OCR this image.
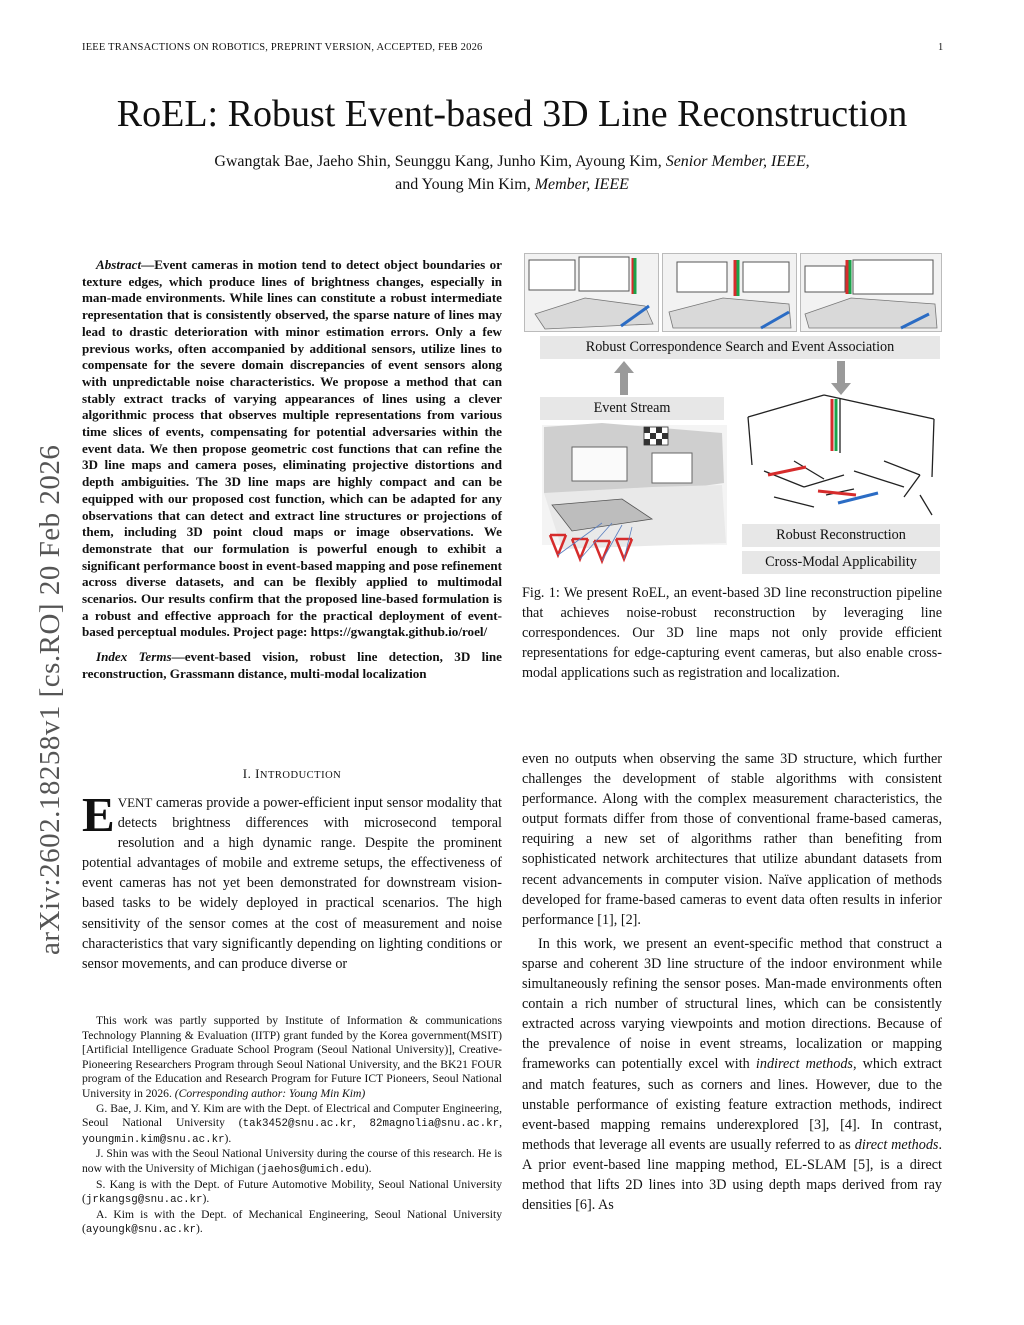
IEEE TRANSACTIONS ON ROBOTICS, PREPRINT VERSION, ACCEPTED, FEB 2026	1
RoEL: Robust Event-based 3D Line Reconstruction
Gwangtak Bae, Jaeho Shin, Seunggu Kang, Junho Kim, Ayoung Kim, Senior Member, IEEE,
and Young Min Kim, Member, IEEE
arXiv:2602.18258v1 [cs.RO] 20 Feb 2026

Abstract—Event cameras in motion tend to detect object boundaries or texture edges, which produce lines of brightness changes, especially in man-made environments. While lines can constitute a robust intermediate representation that is consistently observed, the sparse nature of lines may lead to drastic deterioration with minor estimation errors. Only a few previous works, often accompanied by additional sensors, utilize lines to compensate for the severe domain discrepancies of event sensors along with unpredictable noise characteristics. We propose a method that can stably extract tracks of varying appearances of lines using a clever algorithmic process that observes multiple representations from various time slices of events, compensating for potential adversaries within the event data. We then propose geometric cost functions that can refine the 3D line maps and camera poses, eliminating projective distortions and depth ambiguities. The 3D line maps are highly compact and can be equipped with our proposed cost function, which can be adapted for any observations that can detect and extract line structures or projections of them, including 3D point cloud maps or image observations. We demonstrate that our formulation is powerful enough to exhibit a significant performance boost in event-based mapping and pose refinement across diverse datasets, and can be flexibly applied to multimodal scenarios. Our results confirm that the proposed line-based formulation is a robust and effective approach for the practical deployment of event-based perceptual modules. Project page: https://gwangtak.github.io/roel/

Index Terms—event-based vision, robust line detection, 3D line reconstruction, Grassmann distance, multi-modal localization

Robust Correspondence Search and Event Association
Event Stream
Robust Reconstruction
Cross-Modal Applicability
Fig. 1: We present RoEL, an event-based 3D line reconstruction pipeline that achieves noise-robust reconstruction by leveraging line correspondences. Our 3D line maps not only provide efficient representations for edge-capturing event cameras, but also enable cross-modal applications such as registration and localization.
I. INTRODUCTION

EVENT cameras provide a power-efficient input sensor modality that detects brightness differences with microsecond temporal resolution and a high dynamic range. Despite the prominent potential advantages of mobile and extreme setups, the effectiveness of event cameras has not yet been demonstrated for downstream vision-based tasks to be widely deployed in practical scenarios. The high sensitivity of the sensor comes at the cost of measurement and noise characteristics that vary significantly depending on lighting conditions or sensor movements, and can produce diverse or

This work was partly supported by Institute of Information & communications Technology Planning & Evaluation (IITP) grant funded by the Korea government(MSIT) [Artificial Intelligence Graduate School Program (Seoul National University)], Creative-Pioneering Researchers Program through Seoul National University, and the BK21 FOUR program of the Education and Research Program for Future ICT Pioneers, Seoul National University in 2026. (Corresponding author: Young Min Kim)

G. Bae, J. Kim, and Y. Kim are with the Dept. of Electrical and Computer Engineering, Seoul National University (tak3452@snu.ac.kr, 82magnolia@snu.ac.kr, youngmin.kim@snu.ac.kr).

J. Shin was with the Seoul National University during the course of this research. He is now with the University of Michigan (jaehos@umich.edu).

S. Kang is with the Dept. of Future Automotive Mobility, Seoul National University (jrkangsg@snu.ac.kr).

A. Kim is with the Dept. of Mechanical Engineering, Seoul National University (ayoungk@snu.ac.kr).

even no outputs when observing the same 3D structure, which further challenges the development of stable algorithms with consistent performance. Along with the complex measurement characteristics, the output formats differ from those of conventional frame-based cameras, requiring a new set of algorithms rather than benefiting from sophisticated network architectures that utilize abundant datasets from recent advancements in computer vision. Naïve application of methods developed for frame-based cameras to event data often results in inferior performance [1], [2].

In this work, we present an event-specific method that construct a sparse and coherent 3D line structure of the indoor environment while simultaneously refining the sensor poses. Man-made environments often contain a rich number of structural lines, which can be consistently extracted across varying viewpoints and motion directions. Because of the prevalence of noise in event streams, localization or mapping frameworks can potentially excel with indirect methods, which extract and match features, such as corners and lines. However, due to the unstable performance of existing feature extraction methods, indirect event-based mapping remains underexplored [3], [4]. In contrast, methods that leverage all events are usually referred to as direct methods. A prior event-based line mapping method, EL-SLAM [5], is a direct method that lifts 2D lines into 3D using depth maps derived from ray densities [6]. As
